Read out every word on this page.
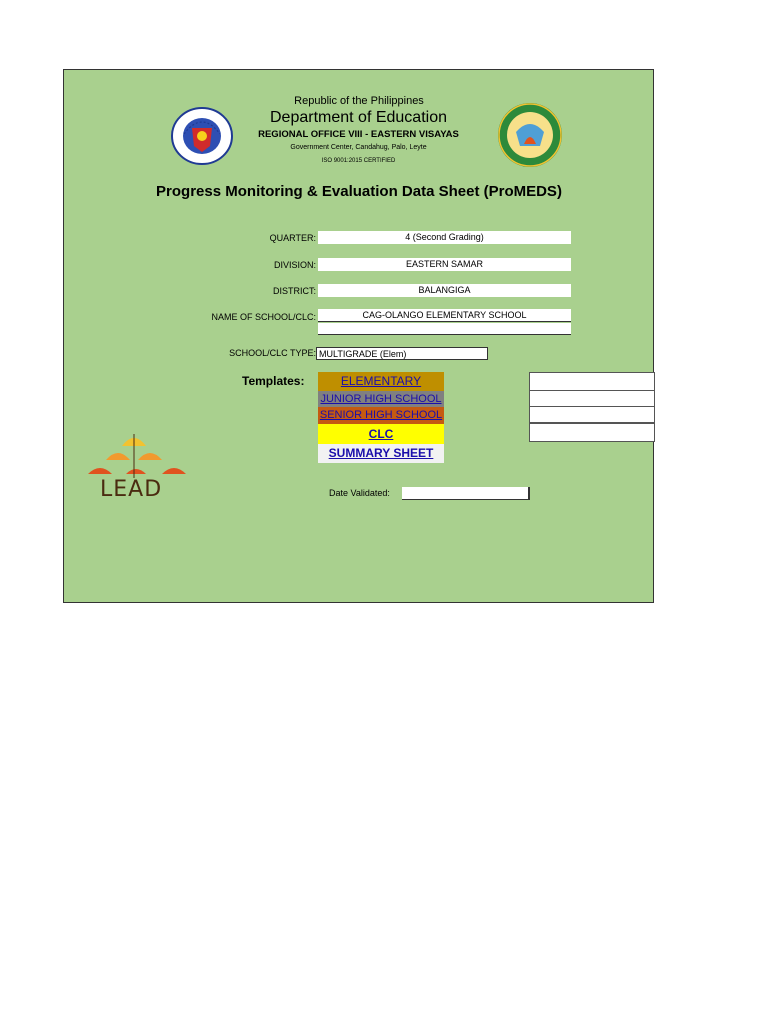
Republic of the Philippines
Department of Education
REGIONAL OFFICE VIII - EASTERN VISAYAS
Government Center, Candahug, Palo, Leyte
ISO 9001:2015 CERTIFIED
Progress Monitoring & Evaluation Data Sheet (ProMEDS)
QUARTER:	4 (Second Grading)
DIVISION:	EASTERN SAMAR
DISTRICT:	BALANGIGA
NAME OF SCHOOL/CLC:	CAG-OLANGO ELEMENTARY SCHOOL
SCHOOL/CLC TYPE: MULTIGRADE (Elem)
Templates:	ELEMENTARY
JUNIOR HIGH SCHOOL
SENIOR HIGH SCHOOL
CLC
SUMMARY SHEET
LEAD	Date Validated:
